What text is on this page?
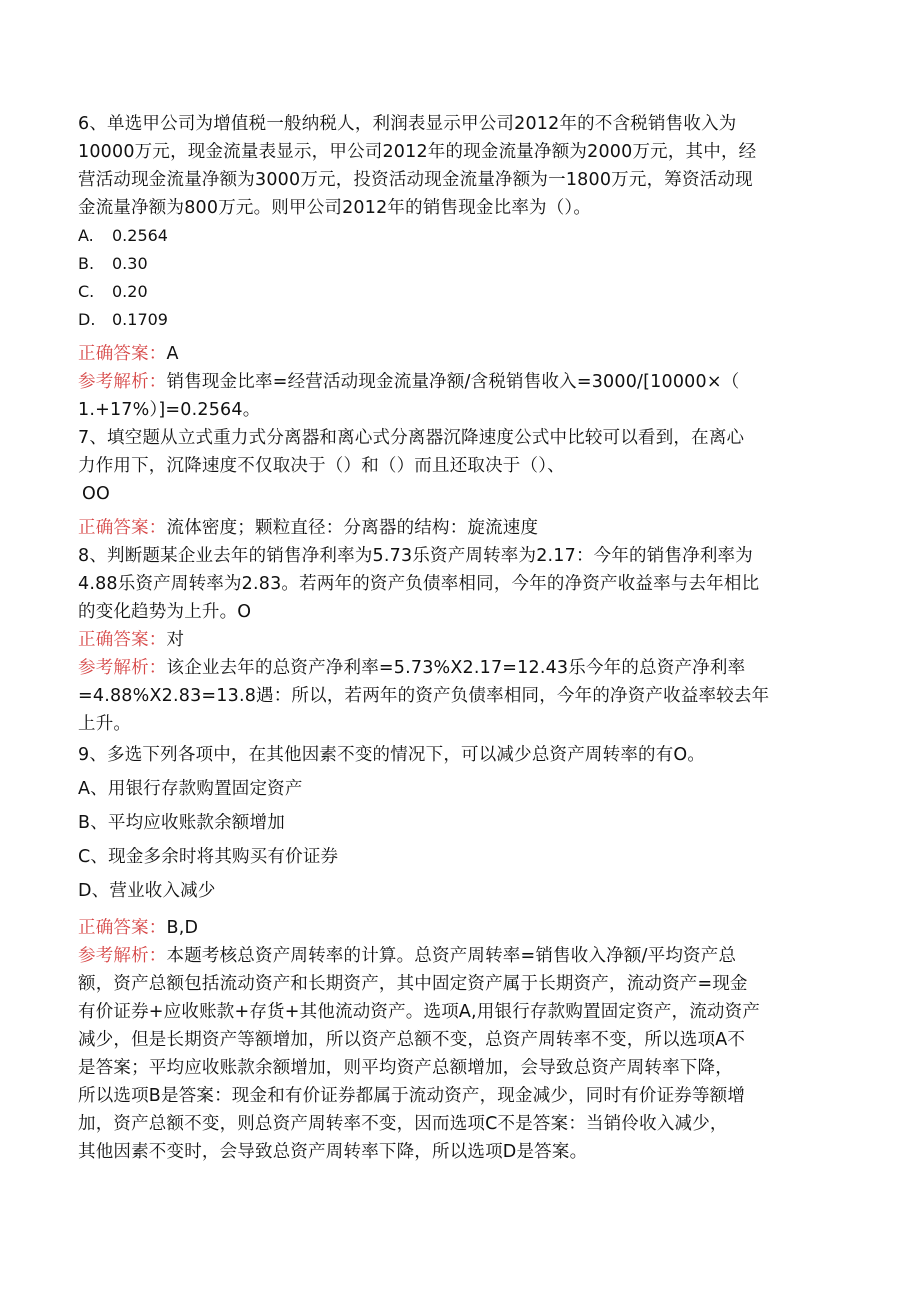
6、单选甲公司为增值税一般纳税人，利润表显示甲公司2012年的不含税销售收入为
10000万元，现金流量表显示，甲公司2012年的现金流量净额为2000万元，其中，经
营活动现金流量净额为3000万元，投资活动现金流量净额为一1800万元，筹资活动现
金流量净额为800万元。则甲公司2012年的销售现金比率为（）。
A. 0.2564
B. 0.30
C. 0.20
D. 0.1709
正确答案：A
参考解析：销售现金比率=经营活动现金流量净额/含税销售收入=3000/[10000×（
1.+17%）]=0.2564。
7、填空题从立式重力式分离器和离心式分离器沉降速度公式中比较可以看到，在离心
力作用下，沉降速度不仅取决于（）和（）而且还取决于（）、
OO
正确答案：流体密度；颗粒直径：分离器的结构：旋流速度
8、判断题某企业去年的销售净利率为5.73乐资产周转率为2.17：今年的销售净利率为
4.88乐资产周转率为2.83。若两年的资产负债率相同，今年的净资产收益率与去年相比
的变化趋势为上升。O
正确答案：对
参考解析：该企业去年的总资产净利率=5.73%X2.17=12.43乐今年的总资产净利率
=4.88%X2.83=13.8遇：所以，若两年的资产负债率相同，今年的净资产收益率较去年
上升。
9、多选下列各项中，在其他因素不变的情况下，可以减少总资产周转率的有O。
A、用银行存款购置固定资产
B、平均应收账款余额增加
C、现金多余时将其购买有价证券
D、营业收入减少
正确答案：B,D
参考解析：本题考核总资产周转率的计算。总资产周转率=销售收入净额/平均资产总
额，资产总额包括流动资产和长期资产，其中固定资产属于长期资产，流动资产=现金
有价证券+应收账款+存货+其他流动资产。选项A,用银行存款购置固定资产，流动资产
减少，但是长期资产等额增加，所以资产总额不变，总资产周转率不变，所以选项A不
是答案；平均应收账款余额增加，则平均资产总额增加，会导致总资产周转率下降，
所以选项B是答案：现金和有价证券都属于流动资产，现金减少，同时有价证券等额增
加，资产总额不变，则总资产周转率不变，因而选项C不是答案：当销伶收入减少，
其他因素不变时，会导致总资产周转率下降，所以选项D是答案。
